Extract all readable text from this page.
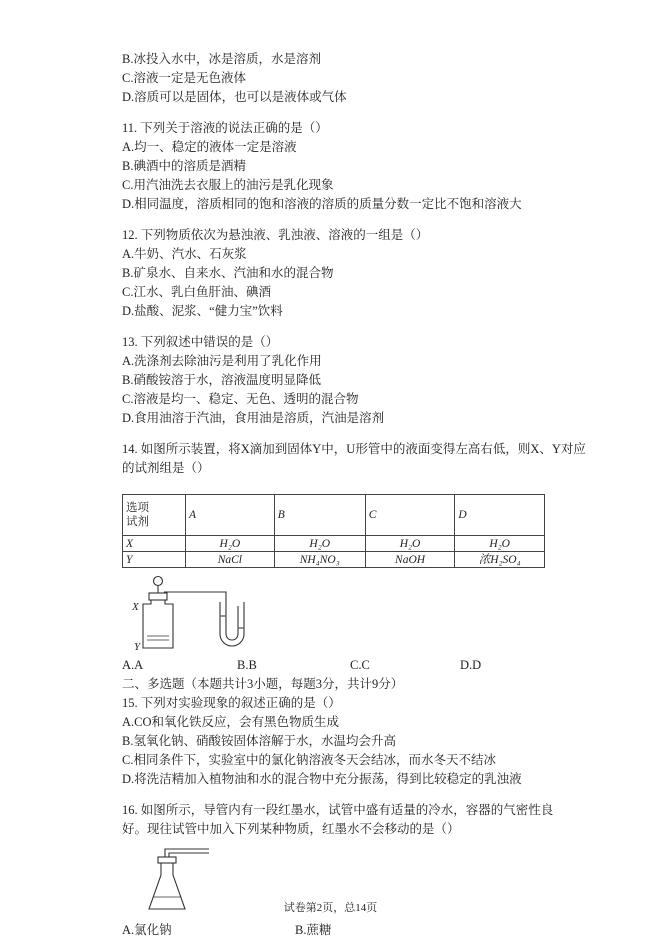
B.冰投入水中，冰是溶质，水是溶剂

C.溶液一定是无色液体

D.溶质可以是固体，也可以是液体或气体

11. 下列关于溶液的说法正确的是（）

A.均一、稳定的液体一定是溶液

B.碘酒中的溶质是酒精

C.用汽油洗去衣服上的油污是乳化现象

D.相同温度，溶质相同的饱和溶液的溶质的质量分数一定比不饱和溶液大

12. 下列物质依次为悬浊液、乳浊液、溶液的一组是（）

A.牛奶、汽水、石灰浆

B.矿泉水、自来水、汽油和水的混合物

C.江水、乳白鱼肝油、碘酒

D.盐酸、泥浆、“健力宝”饮料

13. 下列叙述中错误的是（）

A.洗涤剂去除油污是利用了乳化作用

B.硝酸铵溶于水，溶液温度明显降低

C.溶液是均一、稳定、无色、透明的混合物

D.食用油溶于汽油，食用油是溶质，汽油是溶剂

14. 如图所示装置，将X滴加到固体Y中，U形管中的液面变得左高右低，则X、Y对应

的试剂组是（）

选项
试剂	A	B	C	D
X	H₂O	H₂O	H₂O	H₂O
Y	NaCl	NH₄NO₃	NaOH	浓H₂SO₄
X
Y
A.A	B.B	C.C	D.D

二、多选题（本题共计3小题，每题3分，共计9分）

15. 下列对实验现象的叙述正确的是（）

A.CO和氧化铁反应，会有黑色物质生成

B.氢氧化钠、硝酸铵固体溶解于水，水温均会升高

C.相同条件下，实验室中的氯化钠溶液冬天会结冰，而水冬天不结冰

D.将洗洁精加入植物油和水的混合物中充分振荡，得到比较稳定的乳浊液

16. 如图所示，导管内有一段红墨水，试管中盛有适量的冷水，容器的气密性良

好。现往试管中加入下列某种物质，红墨水不会移动的是（）

A.氯化钠	B.蔗糖
试卷第2页，总14页
